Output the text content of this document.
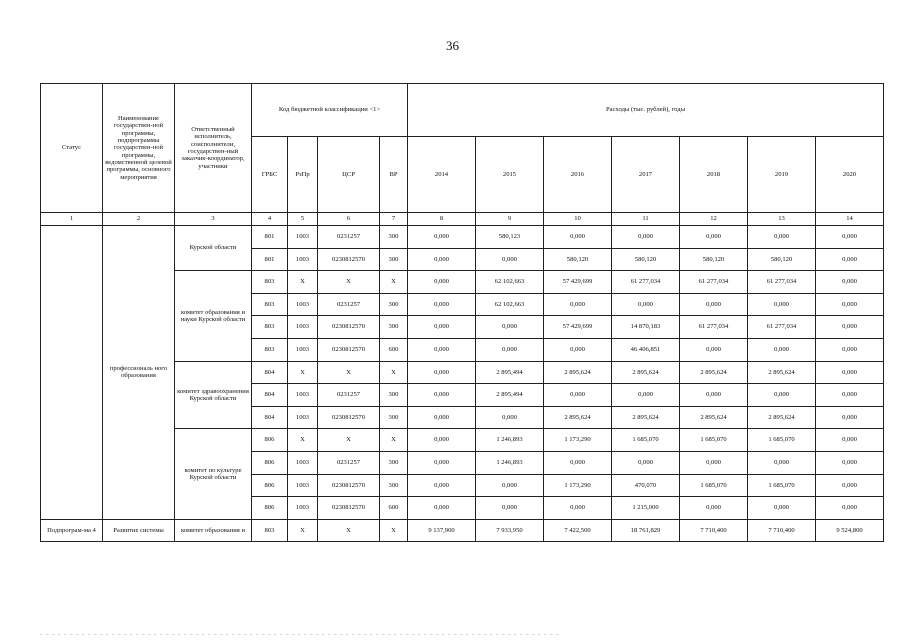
36
Статус	Наименование государствен-ной программы, подпрограммы государствен-ной программы, ведомственной целевой программы, основного мероприятия	Ответственный исполнитель, соисполнители, государствен-ный заказчик-координатор, участники	Код бюджетной классификации <1>				Расходы (тыс. рублей), годы						
			ГРБС	РзПр	ЦСР	ВР	2014	2015	2016	2017	2018	2019	2020
1	2	3	4	5	6	7	8	9	10	11	12	13	14
	профессиональ ного образования	Курской области	801	1003	0231257	300	0,000	580,123	0,000	0,000	0,000	0,000	0,000
			801	1003	0230812570	300	0,000	0,000	580,120	580,120	580,120	580,120	0,000
		комитет образования и науки Курской области	803	Х	Х	Х	0,000	62 102,663	57 429,699	61 277,034	61 277,034	61 277,034	0,000
			803	1003	0231257	300	0,000	62 102,663	0,000	0,000	0,000	0,000	0,000
			803	1003	0230812570	300	0,000	0,000	57 429,699	14 870,183	61 277,034	61 277,034	0,000
			803	1003	0230812570	600	0,000	0,000	0,000	46 406,851	0,000	0,000	0,000
		комитет здравоохранения Курской области	804	Х	Х	Х	0,000	2 895,494	2 895,624	2 895,624	2 895,624	2 895,624	0,000
			804	1003	0231257	300	0,000	2 895,494	0,000	0,000	0,000	0,000	0,000
			804	1003	0230812570	300	0,000	0,000	2 895,624	2 895,624	2 895,624	2 895,624	0,000
		комитет по культуре Курской области	806	Х	Х	Х	0,000	1 246,893	1 173,290	1 685,070	1 685,070	1 685,070	0,000
			806	1003	0231257	300	0,000	1 246,893	0,000	0,000	0,000	0,000	0,000
			806	1003	0230812570	300	0,000	0,000	1 173,290	470,070	1 685,070	1 685,070	0,000
			806	1003	0230812570	600	0,000	0,000	0,000	1 215,000	0,000	0,000	0,000
Подпрограм-ма 4	Развитие системы	комитет образования и	803	Х	Х	Х	9 137,900	7 933,950	7 422,500	18 761,829	7 710,400	7 710,400	9 524,800
